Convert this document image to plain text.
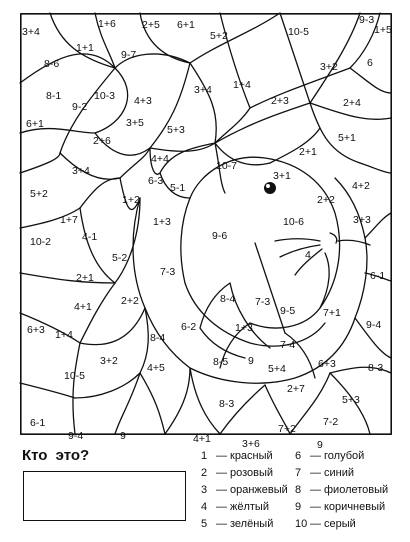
3+4
1+6 2+5 6+1
5+2	10-5
9-3
1+5
1+1
8-6
9-7
3+2	6
10-3	3+4 1+4
8-1	2+3	2+4
9-2	4+3
3+5
6+1	5+3
2+6	5+1
4+4
10-7
2+1
6-3
5-1
3+1
5+2
3+4
4+2
1+2
1+7
2+2
1+3	10-6	3+3
4-1	9-6
10-2
4
5-2
7-3
2+1	6-1
2+2	8-4 7-3
4+1	7+1
6-2
9-5
6+3 1+4
9-4
1+3
8-4
7-4
3+2
5+4	6+3	8-3
10-5
4+5	8-5 9
2+7
5+3
6-1
8-3
7-2
9-4	9	4+1	3+6
7+2
9
Кто это?	1 — красный
2 — розовый
3 — оранжевый
4 — жёлтый
5 — зелёный
6 — голубой
7 — синий
8 — фиолетовый
9 — коричневый
10 — серый
